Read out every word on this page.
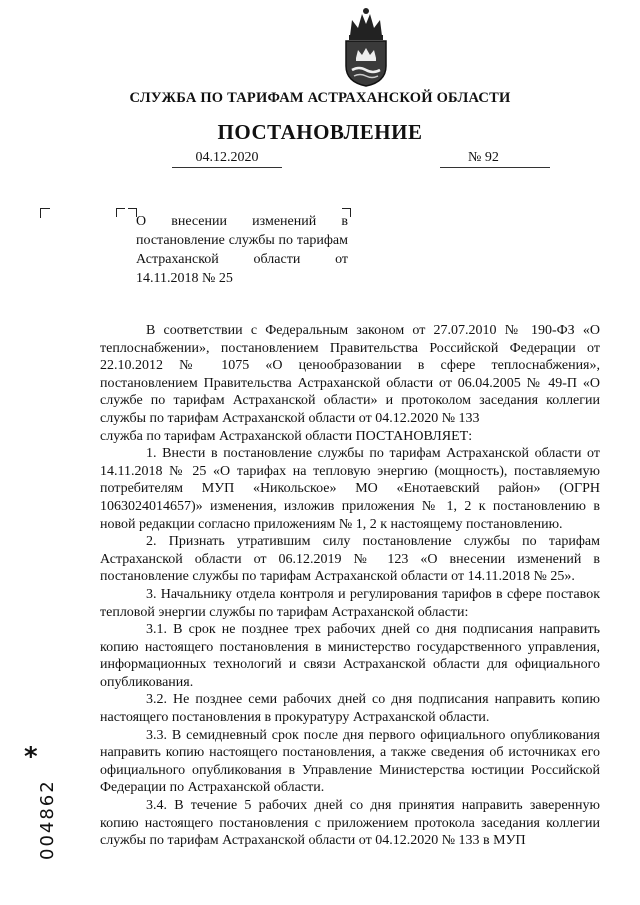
СЛУЖБА ПО ТАРИФАМ АСТРАХАНСКОЙ ОБЛАСТИ
ПОСТАНОВЛЕНИЕ
04.12.2020	№ 92
О внесении изменений в постановление службы по тарифам Астраханской области от 14.11.2018 № 25

В соответствии с Федеральным законом от 27.07.2010 № 190-ФЗ «О теплоснабжении», постановлением Правительства Российской Федерации от 22.10.2012 № 1075 «О ценообразовании в сфере теплоснабжения», постановлением Правительства Астраханской области от 06.04.2005 № 49-П «О службе по тарифам Астраханской области» и протоколом заседания коллегии службы по тарифам Астраханской области от 04.12.2020 № 133

служба по тарифам Астраханской области ПОСТАНОВЛЯЕТ:

1. Внести в постановление службы по тарифам Астраханской области от 14.11.2018 № 25 «О тарифах на тепловую энергию (мощность), поставляемую потребителям МУП «Никольское» МО «Енотаевский район» (ОГРН 1063024014657)» изменения, изложив приложения № 1, 2 к постановлению в новой редакции согласно приложениям № 1, 2 к настоящему постановлению.

2. Признать утратившим силу постановление службы по тарифам Астраханской области от 06.12.2019 № 123 «О внесении изменений в постановление службы по тарифам Астраханской области от 14.11.2018 № 25».

3. Начальнику отдела контроля и регулирования тарифов в сфере поставок тепловой энергии службы по тарифам Астраханской области:

3.1. В срок не позднее трех рабочих дней со дня подписания направить копию настоящего постановления в министерство государственного управления, информационных технологий и связи Астраханской области для официального опубликования.

3.2. Не позднее семи рабочих дней со дня подписания направить копию настоящего постановления в прокуратуру Астраханской области.

3.3. В семидневный срок после дня первого официального опубликования направить копию настоящего постановления, а также сведения об источниках его официального опубликования в Управление Министерства юстиции Российской Федерации по Астраханской области.

3.4. В течение 5 рабочих дней со дня принятия направить заверенную копию настоящего постановления с приложением протокола заседания коллегии службы по тарифам Астраханской области от 04.12.2020 № 133 в МУП

*
004862
